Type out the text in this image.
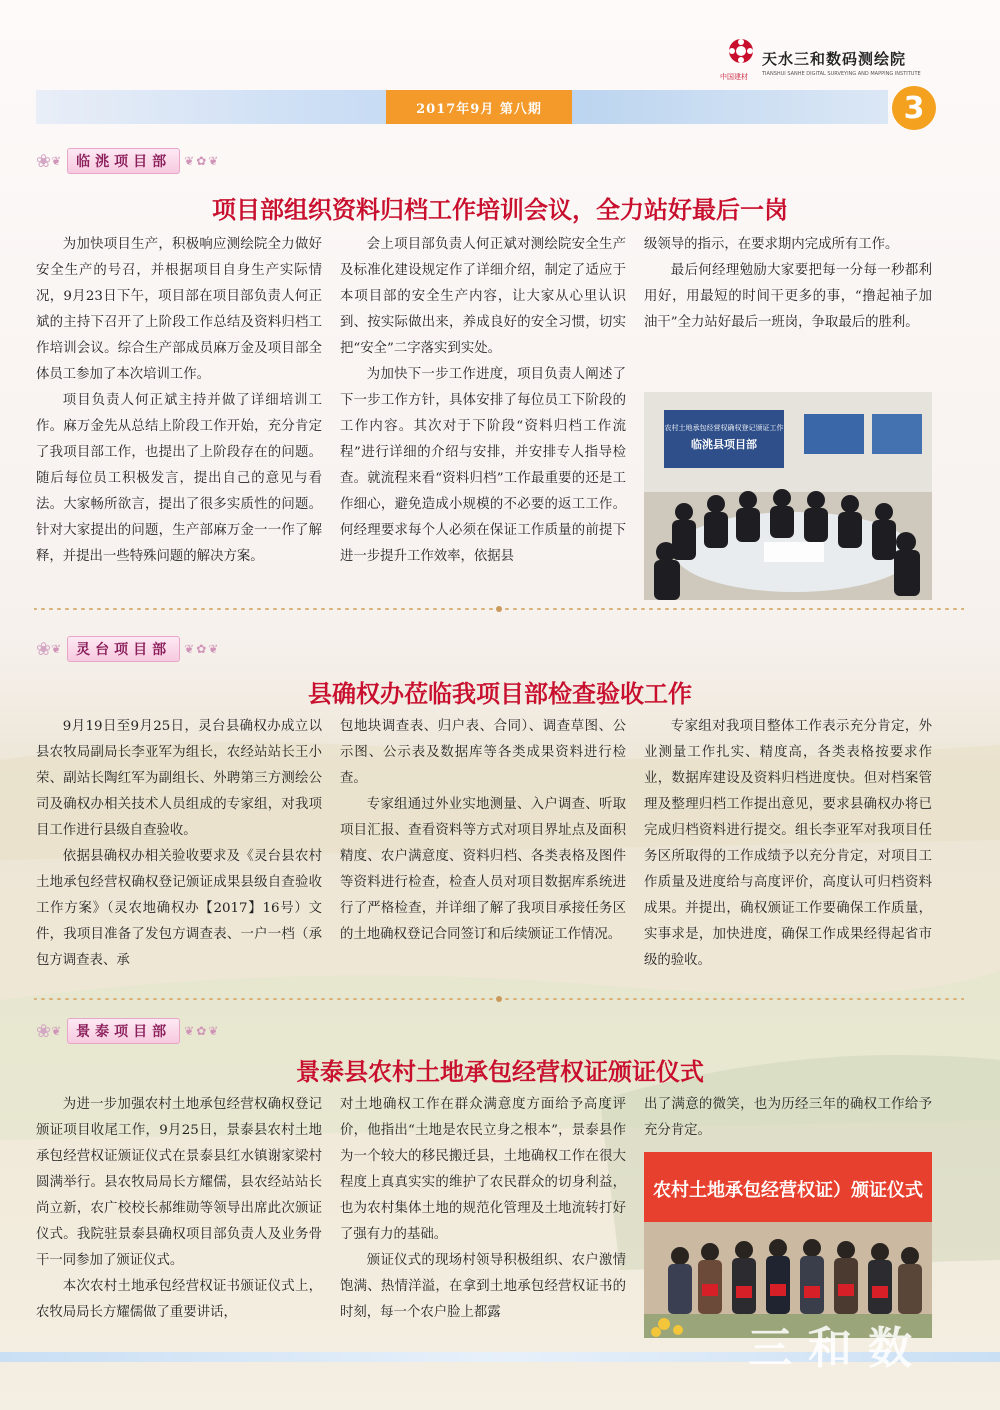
天水三和数码测绘院
TIANSHUI SANHE DIGITAL SURVEYING AND MAPPING INSTITUTE
中国建材
2017年9月 第八期	3
❀ ❦ 临洮项目部	❦✿❦
项目部组织资料归档工作培训会议，全力站好最后一岗

为加快项目生产，积极响应测绘院全力做好安全生产的号召，并根据项目自身生产实际情况，9月23日下午，项目部在项目部负责人何正斌的主持下召开了上阶段工作总结及资料归档工作培训会议。综合生产部成员麻万金及项目部全体员工参加了本次培训工作。

项目负责人何正斌主持并做了详细培训工作。麻万金先从总结上阶段工作开始，充分肯定了我项目部工作，也提出了上阶段存在的问题。随后每位员工积极发言，提出自己的意见与看法。大家畅所欲言，提出了很多实质性的问题。针对大家提出的问题，生产部麻万金一一作了解释，并提出一些特殊问题的解决方案。

会上项目部负责人何正斌对测绘院安全生产及标准化建设规定作了详细介绍，制定了适应于本项目部的安全生产内容，让大家从心里认识到、按实际做出来，养成良好的安全习惯，切实把“安全”二字落实到实处。

为加快下一步工作进度，项目负责人阐述了下一步工作方针，具体安排了每位员工下阶段的工作内容。其次对于下阶段“资料归档工作流程”进行详细的介绍与安排，并安排专人指导检查。就流程来看“资料归档”工作最重要的还是工作细心，避免造成小规模的不必要的返工工作。何经理要求每个人必须在保证工作质量的前提下进一步提升工作效率，依据县

级领导的指示，在要求期内完成所有工作。

最后何经理勉励大家要把每一分每一秒都利用好，用最短的时间干更多的事，“撸起袖子加油干”全力站好最后一班岗，争取最后的胜利。

农村土地承包经营权确权登记颁证工作
临洮县项目部
❀ ❦ 灵台项目部	❦✿❦
县确权办莅临我项目部检查验收工作

9月19日至9月25日，灵台县确权办成立以县农牧局副局长李亚军为组长，农经站站长王小荣、副站长陶红军为副组长、外聘第三方测绘公司及确权办相关技术人员组成的专家组，对我项目工作进行县级自查验收。

依据县确权办相关验收要求及《灵台县农村土地承包经营权确权登记颁证成果县级自查验收工作方案》（灵农地确权办【2017】16号）文件，我项目准备了发包方调查表、一户一档（承包方调查表、承

包地块调查表、归户表、合同）、调查草图、公示图、公示表及数据库等各类成果资料进行检查。

专家组通过外业实地测量、入户调查、听取项目汇报、查看资料等方式对项目界址点及面积精度、农户满意度、资料归档、各类表格及图件等资料进行检查，检查人员对项目数据库系统进行了严格检查，并详细了解了我项目承接任务区的土地确权登记合同签订和后续颁证工作情况。

专家组对我项目整体工作表示充分肯定，外业测量工作扎实、精度高，各类表格按要求作业，数据库建设及资料归档进度快。但对档案管理及整理归档工作提出意见，要求县确权办将已完成归档资料进行提交。组长李亚军对我项目任务区所取得的工作成绩予以充分肯定，对项目工作质量及进度给与高度评价，高度认可归档资料成果。并提出，确权颁证工作要确保工作质量，实事求是，加快进度，确保工作成果经得起省市级的验收。

❀ ❦ 景泰项目部	❦✿❦
景泰县农村土地承包经营权证颁证仪式

为进一步加强农村土地承包经营权确权登记颁证项目收尾工作，9月25日，景泰县农村土地承包经营权证颁证仪式在景泰县红水镇谢家梁村圆满举行。县农牧局局长方耀儒，县农经站站长尚立新，农广校校长郝维勋等领导出席此次颁证仪式。我院驻景泰县确权项目部负责人及业务骨干一同参加了颁证仪式。

本次农村土地承包经营权证书颁证仪式上，农牧局局长方耀儒做了重要讲话，

对土地确权工作在群众满意度方面给予高度评价，他指出“土地是农民立身之根本”，景泰县作为一个较大的移民搬迁县，土地确权工作在很大程度上真真实实的维护了农民群众的切身利益，也为农村集体土地的规范化管理及土地流转打好了强有力的基础。

颁证仪式的现场村领导积极组织、农户激情饱满、热情洋溢，在拿到土地承包经营权证书的时刻，每一个农户脸上都露

出了满意的微笑，也为历经三年的确权工作给予充分肯定。

农村土地承包经营权证）颁证仪式
三和数
